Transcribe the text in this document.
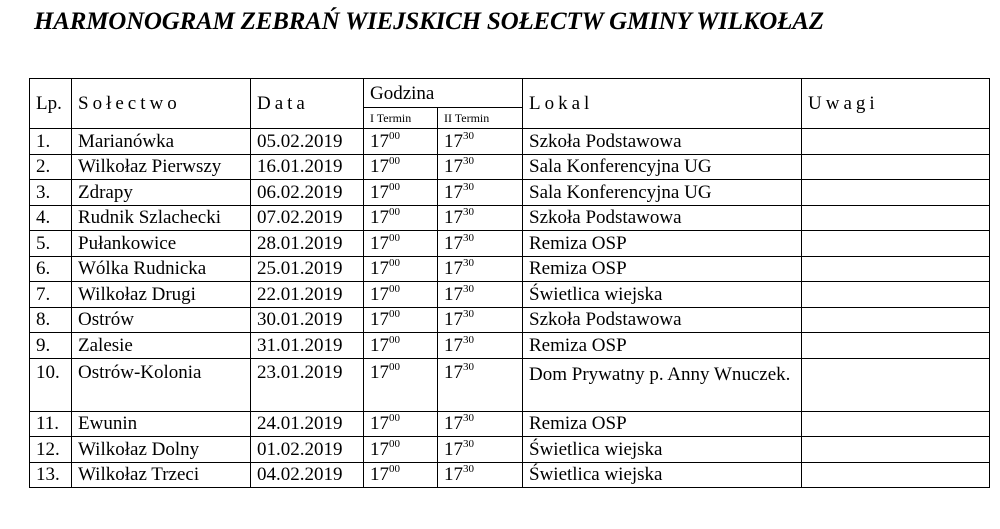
HARMONOGRAM ZEBRAŃ WIEJSKICH SOŁECTW GMINY WILKOŁAZ
Lp.	Sołectwo	Data	Godzina		Lokal	Uwagi
			I Termin	II Termin		
1.	Marianówka	05.02.2019	$17^{00}$	$17^{30}$	Szkoła Podstawowa	
2.	Wilkołaz Pierwszy	16.01.2019	$17^{00}$	$17^{30}$	Sala Konferencyjna UG	
3.	Zdrapy	06.02.2019	$17^{00}$	$17^{30}$	Sala Konferencyjna UG	
4.	Rudnik Szlachecki	07.02.2019	$17^{00}$	$17^{30}$	Szkoła Podstawowa	
5.	Pułankowice	28.01.2019	$17^{00}$	$17^{30}$	Remiza OSP	
6.	Wólka Rudnicka	25.01.2019	$17^{00}$	$17^{30}$	Remiza OSP	
7.	Wilkołaz Drugi	22.01.2019	$17^{00}$	$17^{30}$	Świetlica wiejska	
8.	Ostrów	30.01.2019	$17^{00}$	$17^{30}$	Szkoła Podstawowa	
9.	Zalesie	31.01.2019	$17^{00}$	$17^{30}$	Remiza OSP	
10.	Ostrów-Kolonia	23.01.2019	$17^{00}$	$17^{30}$	Dom Prywatny p. Anny Wnuczek.	
11.	Ewunin	24.01.2019	$17^{00}$	$17^{30}$	Remiza OSP	
12.	Wilkołaz Dolny	01.02.2019	$17^{00}$	$17^{30}$	Świetlica wiejska	
13.	Wilkołaz Trzeci	04.02.2019	$17^{00}$	$17^{30}$	Świetlica wiejska	
